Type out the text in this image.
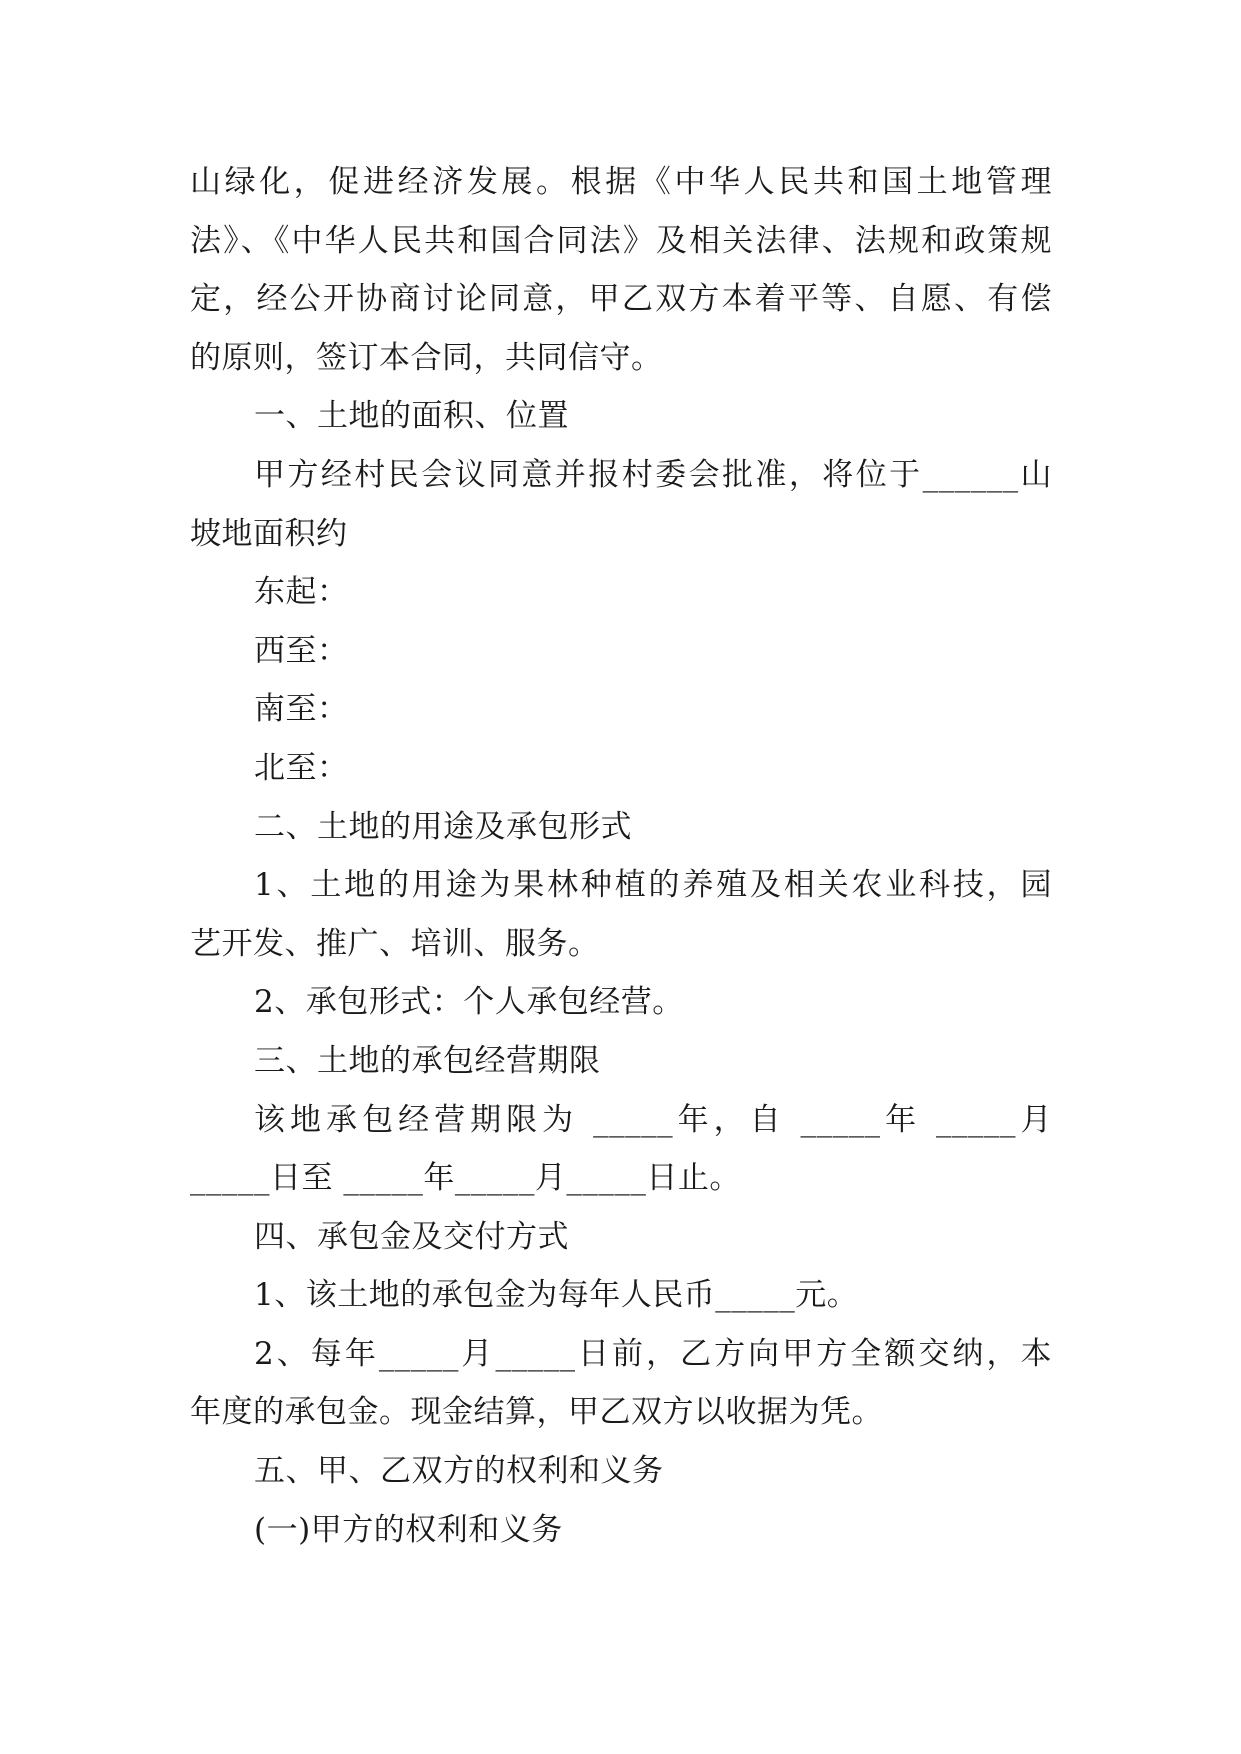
山绿化，促进经济发展。根据《中华人民共和国土地管理
法》、《中华人民共和国合同法》及相关法律、法规和政策规
定，经公开协商讨论同意，甲乙双方本着平等、自愿、有偿
的原则，签订本合同，共同信守。
一、土地的面积、位置
甲方经村民会议同意并报村委会批准，将位于______山
坡地面积约
东起：
西至：
南至：
北至：
二、土地的用途及承包形式
1、土地的用途为果林种植的养殖及相关农业科技，园
艺开发、推广、培训、服务。
2、承包形式：个人承包经营。
三、土地的承包经营期限
该地承包经营期限为 _____年，自 _____年 _____月
_____日至 _____年_____月_____日止。
四、承包金及交付方式
1、该土地的承包金为每年人民币_____元。
2、每年_____月_____日前，乙方向甲方全额交纳，本
年度的承包金。现金结算，甲乙双方以收据为凭。
五、甲、乙双方的权利和义务
(一)甲方的权利和义务
